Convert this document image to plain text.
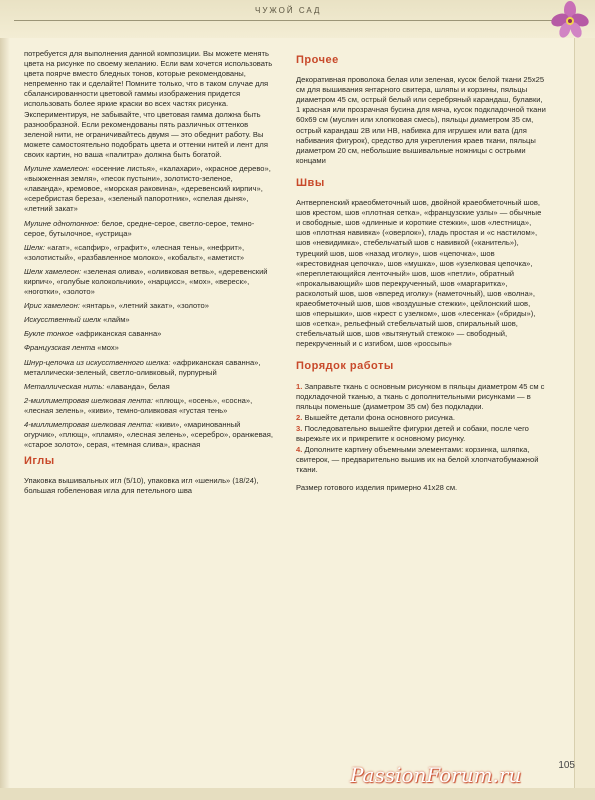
ЧУЖОЙ САД

потребуется для выполнения данной композиции. Вы можете менять цвета на рисунке по своему желанию. Если вам хочется использовать цвета поярче вместо бледных тонов, которые рекомендованы, непременно так и сделайте! Помните только, что в таком случае для сбалансированности цветовой гаммы изображения придется использовать более яркие краски во всех частях рисунка. Экспериментируя, не забывайте, что цветовая гамма должна быть разнообразной. Если рекомендованы пять различных оттенков зеленой нити, не ограничивайтесь двумя — это обеднит работу. Вы можете самостоятельно подобрать цвета и оттенки нитей и лент для своих картин, но ваша «палитра» должна быть богатой.

Мулине хамелеон: «осенние листья», «калахари», «красное дерево», «выжженная земля», «песок пустыни», золотисто-зеленое, «лаванда», кремовое, «морская раковина», «деревенский кирпич», «серебристая береза», «зеленый папоротник», «спелая дыня», «летний закат»

Мулине однотонное: белое, средне-серое, светло-серое, темно-серое, бутылочное, «устрица»

Шелк: «агат», «сапфир», «графит», «лесная тень», «нефрит», «золотистый», «разбавленное молоко», «кобальт», «аметист»

Шелк хамелеон: «зеленая олива», «оливковая ветвь», «деревенский кирпич», «голубые колокольчики», «нарцисс», «мох», «вереск», «ноготки», «золото»

Ирис хамелеон: «янтарь», «летний закат», «золото»

Искусственный шелк «лайм»

Букле тонкое «африканская саванна»

Французская лента «мох»

Шнур-цепочка из искусственного шелка: «африканская саванна», металлически-зеленый, светло-оливковый, пурпурный

Металлическая нить: «лаванда», белая

2-миллиметровая шелковая лента: «плющ», «осень», «сосна», «лесная зелень», «киви», темно-оливковая «густая тень»

4-миллиметровая шелковая лента: «киви», «маринованный огурчик», «плющ», «пламя», «лесная зелень», «серебро», оранжевая, «старое золото», серая, «темная слива», красная

Иглы

Упаковка вышивальных игл (5/10), упаковка игл «шениль» (18/24), большая гобеленовая игла для петельного шва

Прочее

Декоративная проволока белая или зеленая, кусок белой ткани 25x25 см для вышивания янтарного свитера, шляпы и корзины, пяльцы диаметром 45 см, острый белый или серебряный карандаш, булавки, 1 красная или прозрачная бусина для мяча, кусок подкладочной ткани 60x69 см (муслин или хлопковая смесь), пяльцы диаметром 35 см, острый карандаш 2В или НВ, набивка для игрушек или вата (для набивания фигурок), средство для укрепления краев ткани, пяльцы диаметром 20 см, небольшие вышивальные ножницы с острыми концами

Швы

Антверпенский краеобметочный шов, двойной краеобметочный шов, шов крестом, шов «плотная сетка», «французские узлы» — обычные и свободные, шов «длинные и короткие стежки», шов «лестница», шов «плотная навивка» («оверлок»), гладь простая и «с настилом», шов «невидимка», стебельчатый шов с навивкой («канитель»), турецкий шов, шов «назад иголку», шов «цепочка», шов «крестовидная цепочка», шов «мушка», шов «узелковая цепочка», «переплетающийся ленточный» шов, шов «петли», обратный «прокалывающий» шов перекрученный, шов «маргаритка», расколотый шов, шов «вперед иголку» (наметочный), шов «волна», краеобметочный шов, шов «воздушные стежки», цейлонский шов, шов «перышки», шов «крест с узелком», шов «лесенка» («бриды»), шов «сетка», рельефный стебельчатый шов, спиральный шов, стебельчатый шов, шов «вытянутый стежок» — свободный, перекрученный и с изгибом, шов «россыпь»

Порядок работы

1. Заправьте ткань с основным рисунком в пяльцы диаметром 45 см с подкладочной тканью, а ткань с дополнительными рисунками — в пяльцы поменьше (диаметром 35 см) без подкладки.

2. Вышейте детали фона основного рисунка.

3. Последовательно вышейте фигурки детей и собаки, после чего вырежьте их и прикрепите к основному рисунку.

4. Дополните картину объемными элементами: корзинка, шляпка, свитерок, — предварительно вышив их на белой хлопчатобумажной ткани.

Размер готового изделия примерно 41x28 см.

105
PassionForum.ru
